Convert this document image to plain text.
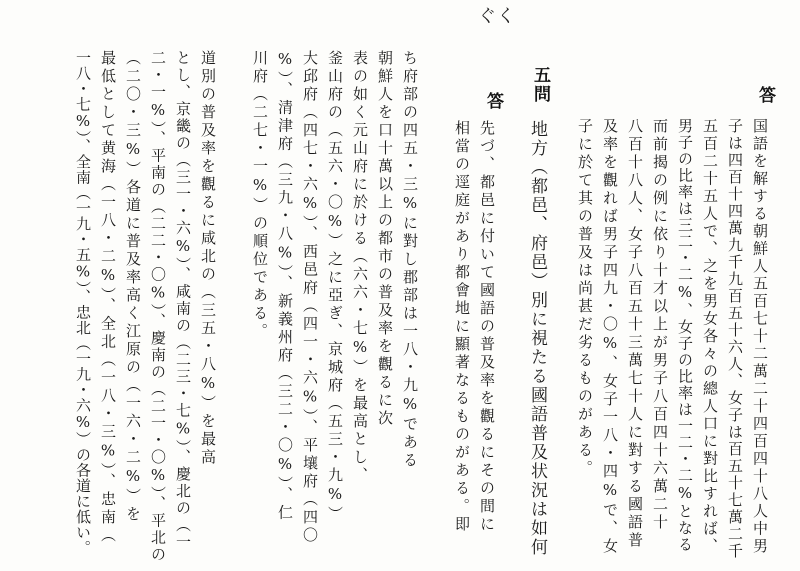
ぐく
答
国語を解する朝鮮人五百七十二萬二十四百四十八人中男
子は四百十四萬九千九百五十六人、女子は百五十七萬二千
五百二十五人で、之を男女各々の總人口に對比すれば、
男子の比率は三二・二%、女子の比率は一二・二%となる
而前揭の例に依り十才以上が男子八百四十六萬二十
八百十八人、女子八百五十三萬七十人に對する國語普
及率を觀れば男子四九・〇%、女子一八・四%で、女
子に於て其の普及は尚甚だ劣るものがある。
五問
地方（都邑、府邑）別に視たる國語普及状況は如何
答
先づ、都邑に付いて國語の普及率を觀るにその間に
相當の逕庭があり都會地に顯著なるものがある。即
ち府部の四五・三%に對し郡部は一八・九%である
朝鮮人を口十萬以上の都市の普及率を觀るに次
表の如く元山府に於ける（六六・七%）を最高とし、
釜山府の（五六・〇%）之に亞ぎ、京城府（五三・九%）
大邱府（四七・六%）、西邑府（四一・六%）、平壤府（四〇
%）、清津府（三九・八%）、新義州府（三二・〇%）、仁
川府（二七・一%）の順位である。
道別の普及率を觀るに咸北の（三五・八%）を最高
とし、京畿の（三一・六%）、咸南の（二三・七%）、慶北の（一
二・一%）、平南の（二二・〇%）、慶南の（二一・〇%）、平北の
（二〇・三%）各道に普及率高く江原の（一六・二%）を
最低として黄海（一八・二%）、全北（一八・三%）、忠南（
一八・七%）、全南（一九・五%）、忠北（一九・六%）の各道に低い。
